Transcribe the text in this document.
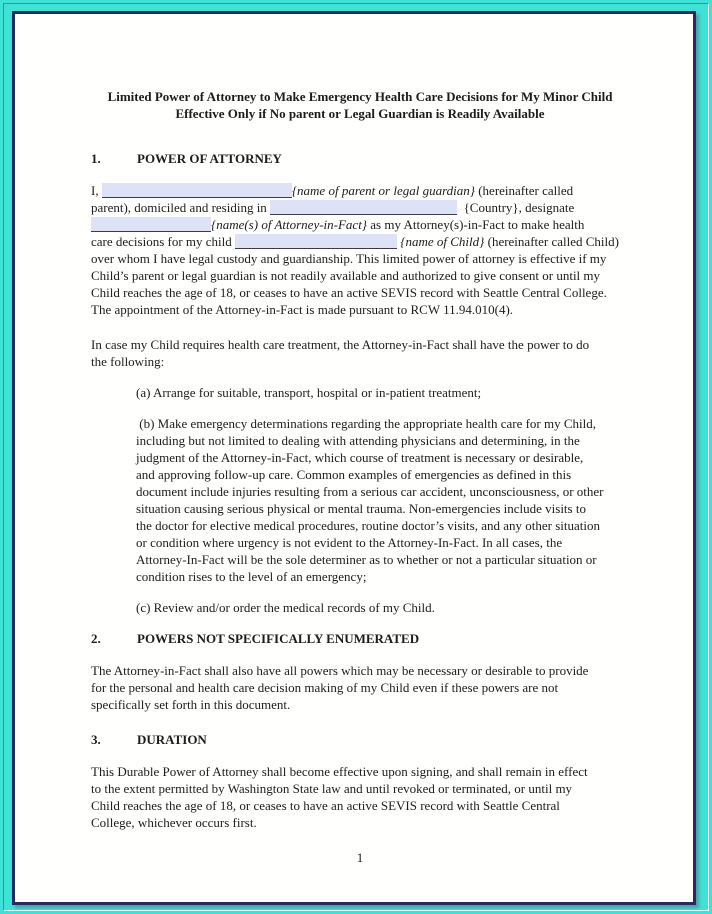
Limited Power of Attorney to Make Emergency Health Care Decisions for My Minor Child
Effective Only if No parent or Legal Guardian is Readily Available
1.	POWER OF ATTORNEY
I,	{name of parent or legal guardian} (hereinafter called
parent), domiciled and residing in	{Country}, designate
{name(s) of Attorney-in-Fact} as my Attorney(s)-in-Fact to make health
care decisions for my child	{name of Child} (hereinafter called Child)
over whom I have legal custody and guardianship. This limited power of attorney is effective if my
Child’s parent or legal guardian is not readily available and authorized to give consent or until my
Child reaches the age of 18, or ceases to have an active SEVIS record with Seattle Central College.
The appointment of the Attorney-in-Fact is made pursuant to RCW 11.94.010(4).
In case my Child requires health care treatment, the Attorney-in-Fact shall have the power to do
the following:
(a) Arrange for suitable, transport, hospital or in-patient treatment;
(b) Make emergency determinations regarding the appropriate health care for my Child,
including but not limited to dealing with attending physicians and determining, in the
judgment of the Attorney-in-Fact, which course of treatment is necessary or desirable,
and approving follow-up care. Common examples of emergencies as defined in this
document include injuries resulting from a serious car accident, unconsciousness, or other
situation causing serious physical or mental trauma. Non-emergencies include visits to
the doctor for elective medical procedures, routine doctor’s visits, and any other situation
or condition where urgency is not evident to the Attorney-In-Fact. In all cases, the
Attorney-In-Fact will be the sole determiner as to whether or not a particular situation or
condition rises to the level of an emergency;
(c) Review and/or order the medical records of my Child.
2.	POWERS NOT SPECIFICALLY ENUMERATED
The Attorney-in-Fact shall also have all powers which may be necessary or desirable to provide
for the personal and health care decision making of my Child even if these powers are not
specifically set forth in this document.
3.	DURATION
This Durable Power of Attorney shall become effective upon signing, and shall remain in effect
to the extent permitted by Washington State law and until revoked or terminated, or until my
Child reaches the age of 18, or ceases to have an active SEVIS record with Seattle Central
College, whichever occurs first.
1
